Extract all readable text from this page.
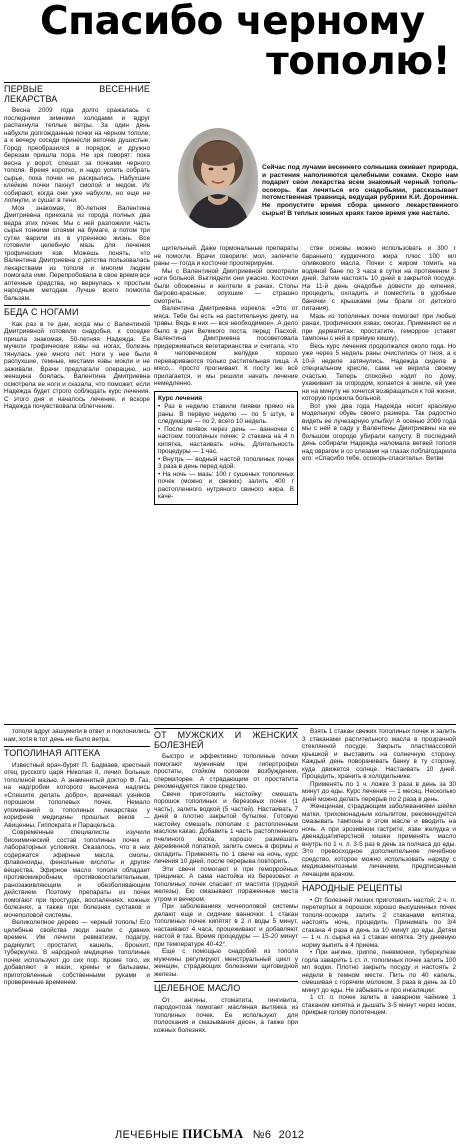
Спасибо черному
тополю!
Сейчас под лучами весеннего солнышка оживает природа, и растения наполняются целебными соками. Скоро нам подарит свои лекарства всем знакомый черный тополь-осокорь. Как лечиться его снадобьями, рассказывает потомственная травница, ведущая рубрики К.И. Доронина. Не пропустите время сбора ценного лекарственного сырья! В теплых южных краях такое время уже настало.
ПЕРВЫЕ ВЕСЕННИЕ ЛЕКАРСТВА

Весна 2009 года долго сражалась с последними зимними холодами и вдруг распахнула теплые ветры. За один день набухли долгожданные почки на черном тополе, а к вечеру соседи принесли веточки душистые. Город преобразился в порядок, и дружно березам пришла пора. Не зря говорят: пока весна у ворот, спешат за почками черного тополя. Время коротко, и надо успеть собрать сырье, пока почки не раскрылись. Набухшие клейкие почки пахнут смолой и медом. Их собирают, когда они уже набухли, но еще не лопнули, и сушат в тени.

Моя знакомая, 80-летняя Валентина Дмитриевна приехала из города полных два ведра этих почек. Мы с ней разложили часть сырья тонкими слоями на бумаге, а потом три сутки варили их в утреннюю жизнь. Все готовили целебную мазь для лечения трофических язв. Можешь понять, что Валентина Дмитриевна с детства пользовалась лекарствами из тополя и многим людям помогала ими. Перепробовала в свое время все аптечные средства, но вернулась к простым народным методам. Лучше всего помогла бальзам.

БЕДА С НОГАМИ

Как раз в те дни, когда мы с Валентиной Дмитриевной готовили снадобья, к соседке пришла знакомая, 50-летняя Надежда. Ее мучили трофические язвы на ногах, болезнь тянулась уже много лет. Ноги у нее были распухшие, темные, местами язвы мокли и не заживали. Врачи предлагали операцию, но женщина боялась. Валентина Дмитриевна осмотрела ее ноги и сказала, что поможет, если Надежда будет строго соблюдать курс лечения. С этого дня и началось лечение, и вскоре Надежда почувствовала облегчение.

щительный. Даже гормональные препараты не помогли. Врачи говорили: мол, залечите раны — тогда и косточки прооперируем.

Мы с Валентиной Дмитриевной осмотрели ноги больной. Выглядели они ужасно. Косточки были обожжены и желтели в ранах. Стопы багрово-красные, опухшие — страшно смотреть.

Валентина Дмитриевна изрекла: «Это от мяса. Тебе бы есть на растительную диету, на травы. Ведь в них — все необходимое». А дело было в дни Великого поста, перед Пасхой. Валентина Дмитриевна посоветовала придерживаться вегетарианства и считала, что в человеческом желудке хорошо перевариваются только растительная пища. А мясо... просто прогнивает. К посту же всё прилагается, и мы решили начать лечение немедленно.

Курс лечения
• Раз в неделю ставили пиявки прямо на раны. В первую неделю — по 5 штук, в следующие — по 2, всего 10 недель.
• После пиявок через день — ванночки с настоем тополиных почек: 2 стакана на 4 л кипятка, настаивать ночь. Длительность процедуры — 1 час.
• Внутрь — водный настой тополиных почек 3 раза в день перед едой.
• На ночь — мазь: 100 г сушеных тополиных почек (можно и свежих) залить 400 г растопленного нутряного свиного жира. В каче-

стве основы можно использовать и 300 г бараньего курдючного жира плюс 100 мл оливкового масла. Почки с жиром томить на водяной бане по 3 часа в сутки на протяжении 3 дней. Затем настоять 10 дней в закрытой посуде. На 11-й день снадобье довести до кипения, процедить, охладить и поместить в удобные баночки с крышками (мы брали от детского питания).

Мазь из тополиных почек помогает при любых ранах, трофических язвах, ожогах. Применяют ее и при дерматитах, простатите, геморрое (ставят тампоны с ней в прямую кишку).

Весь курс лечения продолжался около года. Но уже через 5 недель раны очистились от гноя, а к 10-й неделе затянулись. Надежда сидела в специальном кресле, сама не верила своему счастью. Теперь спокойно ходит по дому, ухаживает за огородом, копается в земле, ей уже ни на минуту не хочется возвращаться к той жизни, которую прожила больной.

Вот уже два года Надежда носит красивую модельную обувь своего размера. Так радостно видеть ее лучезарную улыбку! А осенью 2009 года мы с ней в саду у Валентины Дмитриевны на ее большом огороде убирали капусту. В последний день собирали Надежда наломала ветвей тополя над оврагом и со слезами на глазах поблагодарила его: «Спасибо тебе, осокорь-спаситель». Ветви

тополя вдруг зашумели в ответ и поклонились нам, хотя в тот день не было ветра.

ТОПОЛИНАЯ АПТЕКА

Известный врач-бурят П. Бадмаев, крестный отец русского царя Николая II, лечил больных тополиной мазью. А знаменитый доктор Ф. Газ, на надгробии которого высечена надпись «Спешите делать добро», врачевал узников порошком тополевых почек. Немало упоминаний о тополиных лекарствах у корифеев медицины прошлых веков — Авиценны, Гиппократа и Парацельса.

Современные специалисты изучили биохимический состав тополиных почек и лабораторных условиях. Оказалось, что в них содержатся эфирные масла, смолы, флавоноиды, фенольные кислоты и другие вещества. Эфирное масло тополя обладает противомикробным, противовоспалительным, ранозаживляющим и обезболивающим действием. Поэтому препараты из почек помогают при простудах, воспалениях, кожных болезнях, а также при болезнях суставов и мочеполовой системы.

Великолепное дерево — черный тополь! Его целебные свойства люди знали с давних времен. Им лечили ревматизм, подагру, радикулит, простатит, кашель, бронхит, туберкулез. В народной медицине тополиные почки используют до сих пор. Кроме того, их добавляют в мази, кремы и бальзамы, приготовленные собственными руками и проверенные временем.

ОТ МУЖСКИХ И ЖЕНСКИХ БОЛЕЗНЕЙ

Быстро и эффективно тополиные почки помогают мужчинам при гипертрофии простаты, стойком половом возбуждении, сперматорее. А страдающим от простатита рекомендуется такое средство.

Свечи приготовить настойку: смешать порошок тополиных и березовых почек (1 часть), залить водкой (5 частей). Настаивать 7 дней в плотно закрытой бутылке. Готовую настойку смешать пополам с растопленным маслом какао. Добавить 1 часть растопленного пчелиного воска, хорошо размешать деревянной лопаткой, залить смесь в формы и охладить. Применять по 1 свече на ночь, курс лечения 10 дней, после перерыва повторить.

Эти свечи помогают и при геморройных трещинах. А сама настойка из березовых и тополиных почек спасает от мастита (грудной железы). Ею смазывают пораженные места утром и вечером.

При заболеваниях мочеполовой системы делают еще и сидячие ванночки: 1 стакан тополиных почек кипятят в 2 л воды 5 минут, настаивают 4 часа, процеживают и добавляют настой в таз. Время процедуры — 15-20 минут при температуре 40-42°.

Еще с помощью снадобий из тополя мужчины регулируют менструальный цикл у женщин, страдающих болезнями щитовидной железы.

ЦЕЛЕБНОЕ МАСЛО

От ангины, стоматита, гингивита, пародонтоза помогает масляная вытяжка из тополиных почек. Ее используют для полоскания и смазывания десен, а также при кожных болезнях.

Взять 1 стакан свежих тополиных почек и залить 3 стаканами растительного масла в прозрачной стеклянной посуде. Закрыть пластмассовой крышкой и выставить на солнечную сторону. Каждый день поворачивать банку в ту сторону, куда движется солнце. Настаивать 10 дней. Процедить, хранить в холодильнике.

Применять по 1 ч. ложке 3 раза в день за 30 минут до еды. Курс лечения — 1 месяц. Несколько дней можно делать перерыв по 2 раза в день.

Женщинам, страдающим заболеваниями шейки матки, трихомонадным кольпитом, рекомендуется смазывать тампоны в этом масле и вводить на ночь. А при эрозивном гастрите, язве желудка и двенадцатиперстной кишки применять масло внутрь по 1 ч. л. 3-5 раз в день за полчаса до еды. Это превосходное дополнительное лечебное средство, которое можно использовать наряду с медикаментозным лечением, предписанным лечащим врачом.

НАРОДНЫЕ РЕЦЕПТЫ

• От болезней легких приготовить настой: 2 ч. л. перетертых в порошок хорошо высушенных почек тополя-осокоря залить 2 стаканами кипятка, настоять ночь, процедить. Принимать по 3/4 стакана 4 раза в день за 10 минут до еды. Детям — 1 ч. л. сырья на 1 стакан кипятка. Эту дневную норму выпить в 4 приема.

• При ангине, гриппе, пневмонии, туберкулезе горла заварить 1 ст. л. тополиных почек залить 100 мл водки. Плотно закрыть посуду и настоять 2 недели в темном месте. Пить по 40 капель, смешивая с горячим молоком, 3 раза в день за 10 минут до еды. Не забывать и про ингаляции:

1 ст. л. почек залить в заварном чайнике 1 стаканом кипятка и дышать 3-5 минут через носик, прикрыв голову полотенцем.

ЛЕЧЕБНЫЕ ПИСЬМА №6 2012
